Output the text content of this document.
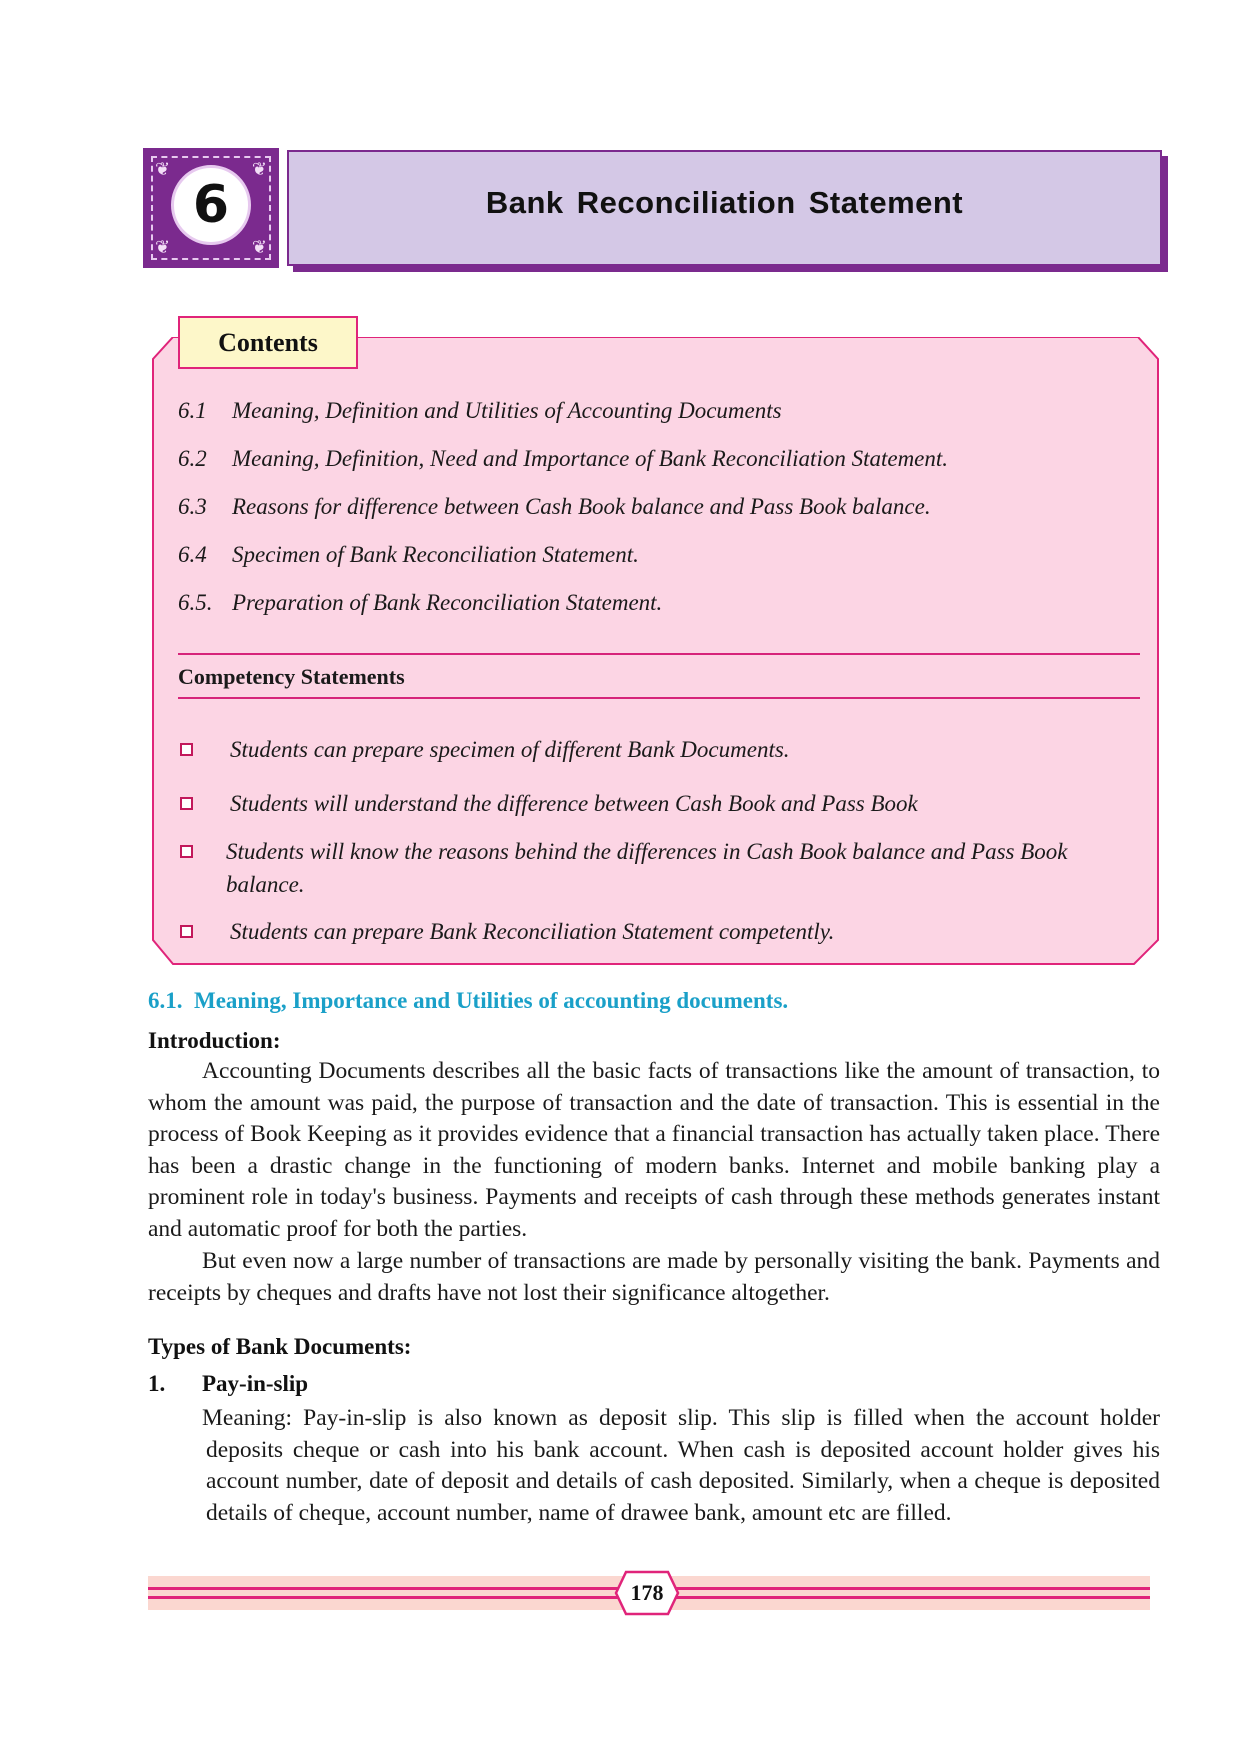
❦	❦
❦	❦
6	Bank Reconciliation Statement
Contents
6.1	Meaning, Definition and Utilities of Accounting Documents
6.2	Meaning, Definition, Need and Importance of Bank Reconciliation Statement.
6.3	Reasons for difference between Cash Book balance and Pass Book balance.
6.4	Specimen of Bank Reconciliation Statement.
6.5. Preparation of Bank Reconciliation Statement.
Competency Statements
Students can prepare specimen of different Bank Documents.
Students will understand the difference between Cash Book and Pass Book
Students will know the reasons behind the differences in Cash Book balance and Pass Book balance.
Students can prepare Bank Reconciliation Statement competently.
6.1.  Meaning, Importance and Utilities of accounting documents.
Introduction:

Accounting Documents describes all the basic facts of transactions like the amount of transaction, to whom the amount was paid, the purpose of transaction and the date of transaction. This is essential in the process of Book Keeping as it provides evidence that a financial transaction has actually taken place. There has been a drastic change in the functioning of modern banks. Internet and mobile banking play a prominent role in today's business. Payments and receipts of cash through these methods generates instant and automatic proof for both the parties.

But even now a large number of transactions are made by personally visiting the bank. Payments and receipts by cheques and drafts have not lost their significance altogether.

Types of Bank Documents:
1. Pay-in-slip

Meaning: Pay-in-slip is also known as deposit slip. This slip is filled when the account holder deposits cheque or cash into his bank account. When cash is deposited account holder gives his account number, date of deposit and details of cash deposited. Similarly, when a cheque is deposited details of cheque, account number, name of drawee bank, amount etc are filled.

178
